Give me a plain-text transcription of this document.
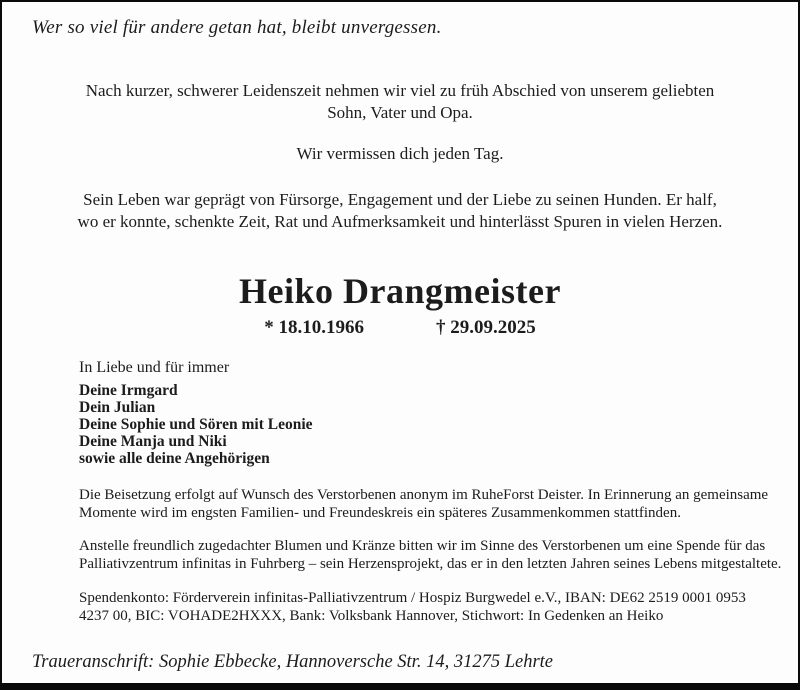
Wer so viel für andere getan hat, bleibt unvergessen.
Nach kurzer, schwerer Leidenszeit nehmen wir viel zu früh Abschied von unserem geliebten
Sohn, Vater und Opa.
Wir vermissen dich jeden Tag.
Sein Leben war geprägt von Fürsorge, Engagement und der Liebe zu seinen Hunden. Er half,
wo er konnte, schenkte Zeit, Rat und Aufmerksamkeit und hinterlässt Spuren in vielen Herzen.
Heiko Drangmeister
* 18.10.1966	† 29.09.2025
In Liebe und für immer
Deine Irmgard
Dein Julian
Deine Sophie und Sören mit Leonie
Deine Manja und Niki
sowie alle deine Angehörigen
Die Beisetzung erfolgt auf Wunsch des Verstorbenen anonym im RuheForst Deister. In Erinnerung an gemeinsame
Momente wird im engsten Familien- und Freundeskreis ein späteres Zusammenkommen stattfinden.
Anstelle freundlich zugedachter Blumen und Kränze bitten wir im Sinne des Verstorbenen um eine Spende für das
Palliativzentrum infinitas in Fuhrberg – sein Herzensprojekt, das er in den letzten Jahren seines Lebens mitgestaltete.
Spendenkonto: Förderverein infinitas-Palliativzentrum / Hospiz Burgwedel e.V., IBAN: DE62 2519 0001 0953
4237 00, BIC: VOHADE2HXXX, Bank: Volksbank Hannover, Stichwort: In Gedenken an Heiko
Traueranschrift: Sophie Ebbecke, Hannoversche Str. 14, 31275 Lehrte
